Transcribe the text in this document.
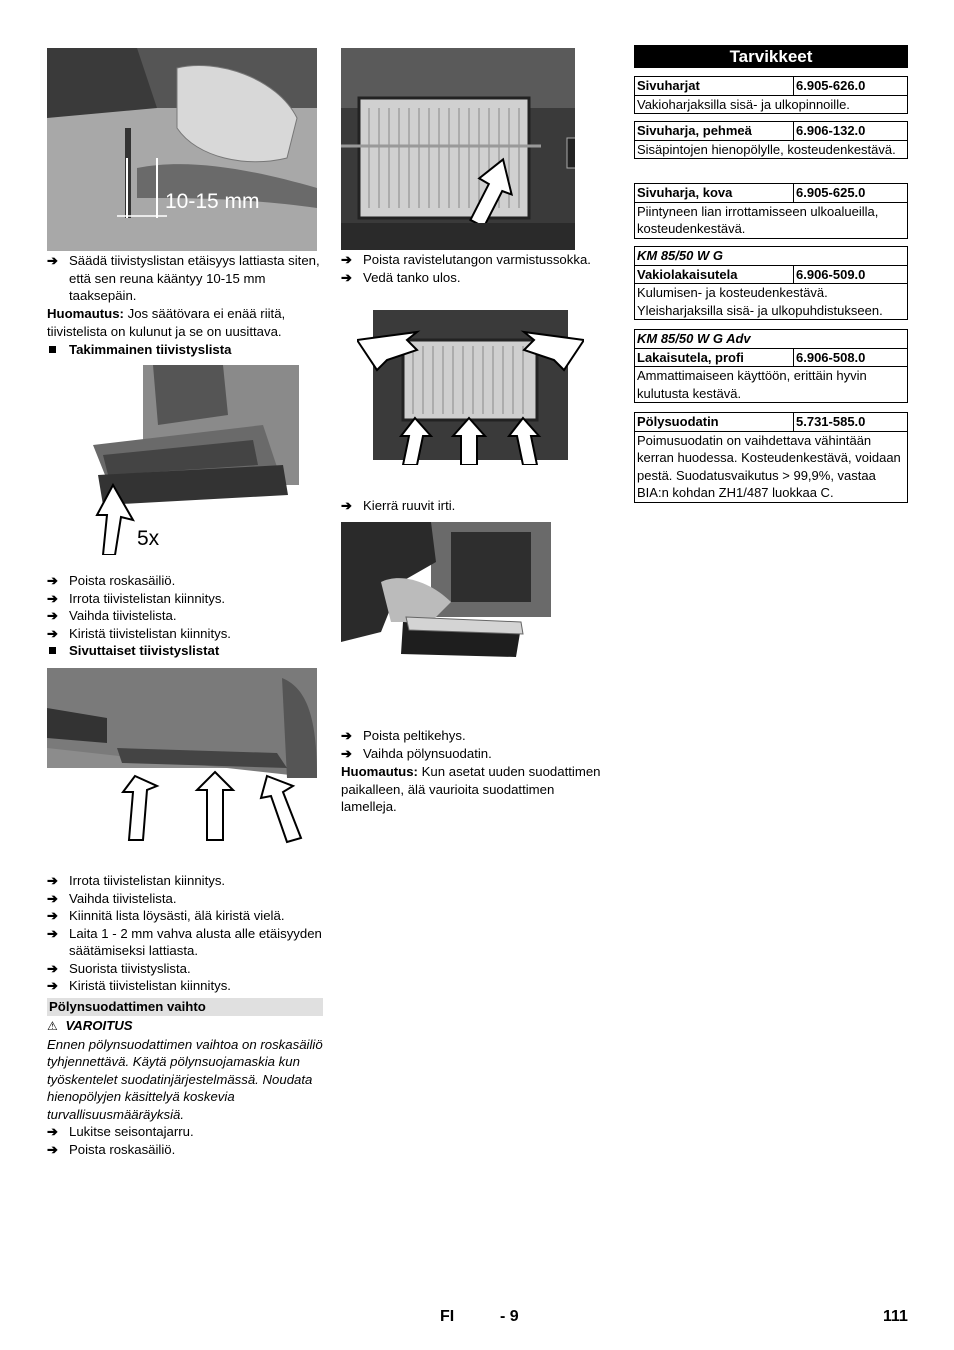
10-15 mm
➔ Säädä tiivistyslistan etäisyys lattiasta siten, että sen reuna kääntyy 10-15 mm taaksepäin.
Huomautus: Jos säätövara ei enää riitä, tiivistelista on kulunut ja se on uusittava.
Takimmainen tiivistyslista
5x
➔ Poista roskasäiliö.
➔ Irrota tiivistelistan kiinnitys.
➔ Vaihda tiivistelista.
➔ Kiristä tiivistelistan kiinnitys.
Sivuttaiset tiivistyslistat
➔ Irrota tiivistelistan kiinnitys.
➔ Vaihda tiivistelista.
➔ Kiinnitä lista löysästi, älä kiristä vielä.
➔ Laita 1 - 2 mm vahva alusta alle etäisyyden säätämiseksi lattiasta.
➔ Suorista tiivistyslista.
➔ Kiristä tiivistelistan kiinnitys.
Pölynsuodattimen vaihto
⚠ VAROITUS
Ennen pölynsuodattimen vaihtoa on roskasäiliö tyhjennettävä. Käytä pölynsuojamaskia kun työskentelet suodatinjärjestelmässä. Noudata hienopölyjen käsittelyä koskevia turvallisuusmääräyksiä.
➔ Lukitse seisontajarru.
➔ Poista roskasäiliö.
➔ Poista ravistelutangon varmistussokka.
➔ Vedä tanko ulos.
➔ Kierrä ruuvit irti.
➔ Poista peltikehys.
➔ Vaihda pölynsuodatin.
Huomautus: Kun asetat uuden suodattimen paikalleen, älä vaurioita suodattimen lamelleja.
Tarvikkeet
Sivuharjat	6.905-626.0
Vakioharjaksilla sisä- ja ulkopinnoille.
Sivuharja, pehmeä	6.906-132.0
Sisäpintojen hienopölylle, kosteudenkestävä.
Sivuharja, kova	6.905-625.0
Piintyneen lian irrottamisseen ulkoalueilla, kosteudenkestävä.
KM 85/50 W G
Vakiolakaisutela	6.906-509.0
Kulumisen- ja kosteudenkestävä. Yleisharjaksilla sisä- ja ulkopuhdistukseen.
KM 85/50 W G Adv
Lakaisutela, profi	6.906-508.0
Ammattimaiseen käyttöön, erittäin hyvin kulutusta kestävä.
Pölysuodatin	5.731-585.0
Poimusuodatin on vaihdettava vähintään kerran huodessa. Kosteudenkestävä, voidaan pestä. Suodatusvaikutus > 99,9%, vastaa BIA:n kohdan ZH1/487 luokkaa C.
FI	- 9	111
